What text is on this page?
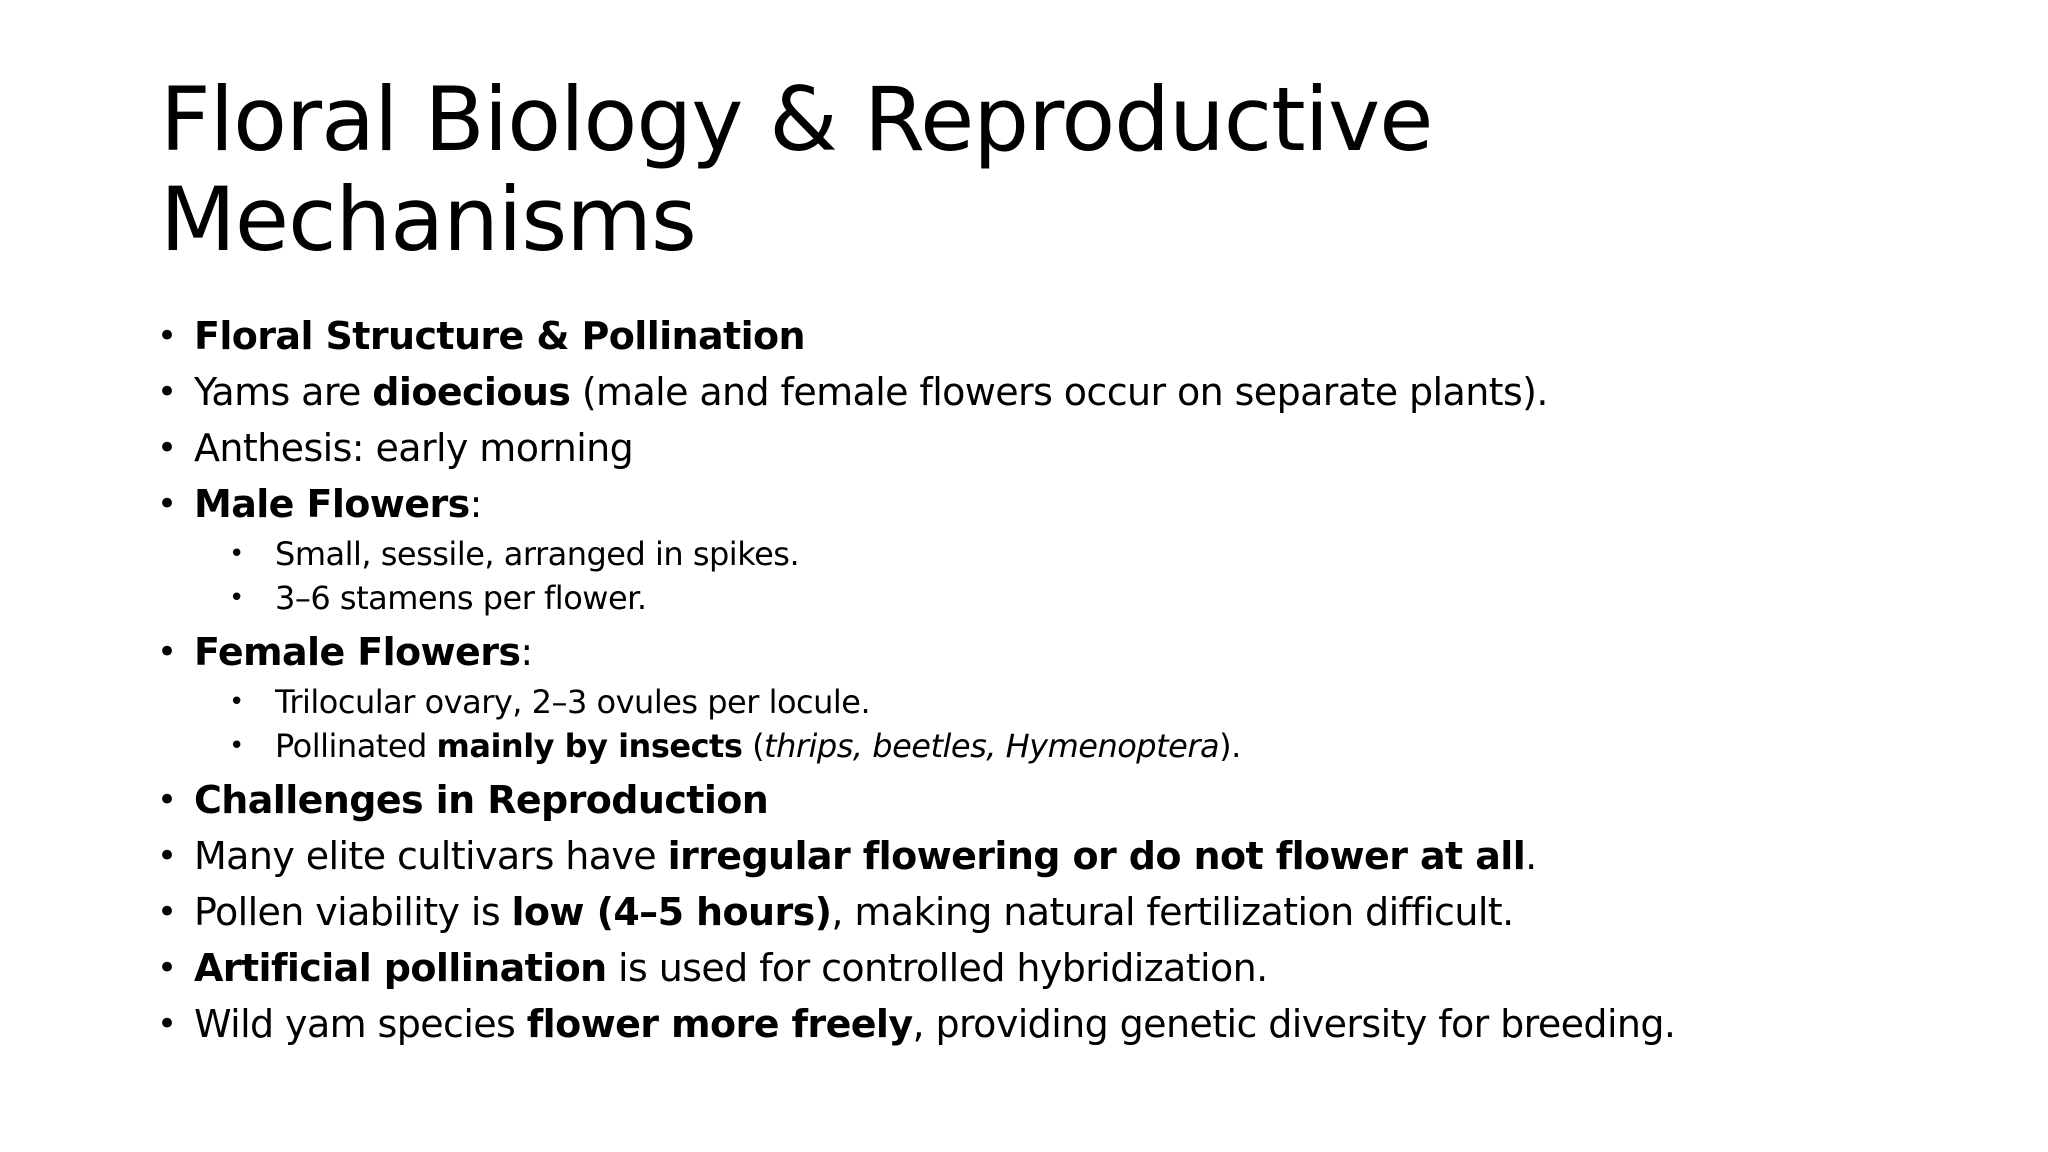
Floral Biology & Reproductive
Mechanisms
• Floral Structure & Pollination
• Yams are dioecious (male and female flowers occur on separate plants).
• Anthesis: early morning
• Male Flowers:
• Small, sessile, arranged in spikes.
• 3–6 stamens per flower.
• Female Flowers:
• Trilocular ovary, 2–3 ovules per locule.
• Pollinated mainly by insects (thrips, beetles, Hymenoptera).
• Challenges in Reproduction
• Many elite cultivars have irregular flowering or do not flower at all.
• Pollen viability is low (4–5 hours), making natural fertilization difficult.
• Artificial pollination is used for controlled hybridization.
• Wild yam species flower more freely, providing genetic diversity for breeding.
